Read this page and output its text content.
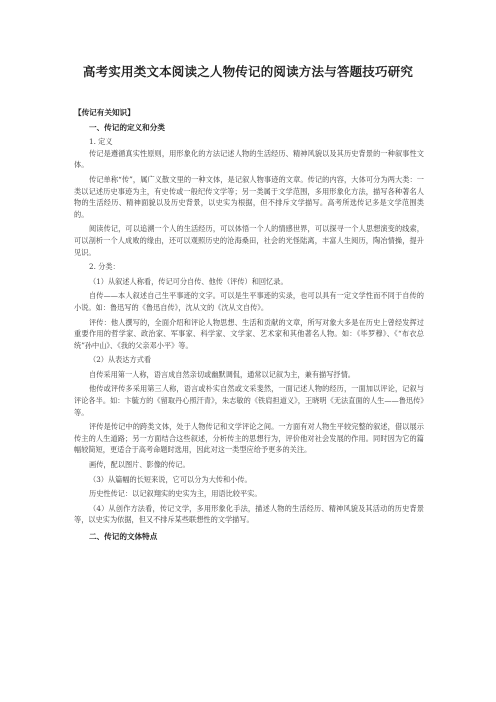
高考实用类文本阅读之人物传记的阅读方法与答题技巧研究

【传记有关知识】

一、传记的定义和分类

1. 定义

传记是遵循真实性原则，用形象化的方法记述人物的生活经历、精神风貌以及其历史背景的一种叙事性文体。

传记单称“传”，属广义散文里的一种文体，是记叙人物事迹的文章。传记的内容，大体可分为两大类：一类以记述历史事迹为主，有史传或一般纪传文学等；另一类属于文学范围，多用形象化方法，描写各种著名人物的生活经历、精神面貌以及历史背景，以史实为根据，但不排斥文学描写。高考所选传记多是文学范围类的。

阅读传记，可以追溯一个人的生活经历，可以体悟一个人的情感世界，可以探寻一个人思想演变的线索，可以剖析一个人成败的缘由，还可以观照历史的沧海桑田，社会的光怪陆离，丰富人生阅历，陶冶情操，提升见识。

2. 分类：

（1）从叙述人称看，传记可分自传、他传（评传）和回忆录。

自传——本人叙述自己生平事迹的文字。可以是生平事迹的实录，也可以具有一定文学性而不同于自传的小说。如：鲁迅写的《鲁迅自传》，沈从文的《沈从文自传》。

评传：他人撰写的，全面介绍和评论人物思想、生活和贡献的文章，所写对象大多是在历史上曾经发挥过重要作用的哲学家、政治家、军事家、科学家、文学家、艺术家和其他著名人物。如：《毕罗穆》、《“布衣总统”孙中山》、《我的父亲邓小平》等。

（2）从表达方式看

自传采用第一人称，语言成自然亲切或幽默调侃，通常以记叙为主，兼有描写抒情。

他传或评传多采用第三人称，语言或朴实自然或文采斐然，一面记述人物的经历，一面加以评论，记叙与评论各半。如：卞毓方的《留取丹心照汗青》，朱志敏的《铁肩担道义》，王晓明《无法直面的人生——鲁迅传》等。

评传是传记中的跨类文体，处于人物传记和文学评论之间。一方面有对人物生平较完整的叙述，借以展示传主的人生道路；另一方面结合这些叙述，分析传主的思想行为，评价他对社会发展的作用。同时因为它的篇幅较简短，更适合于高考命题时选用，因此对这一类型应给予更多的关注。

画传，配以图片、影像的传记。

（3）从篇幅的长短来说，它可以分为大传和小传。

历史性传记：以记叙翔实的史实为主，用语比较平实。

（4）从创作方法看，传记文学，多用形象化手法，描述人物的生活经历、精神风貌及其活动的历史背景等，以史实为依据，但又不排斥某些联想性的文学描写。

二、传记的文体特点
